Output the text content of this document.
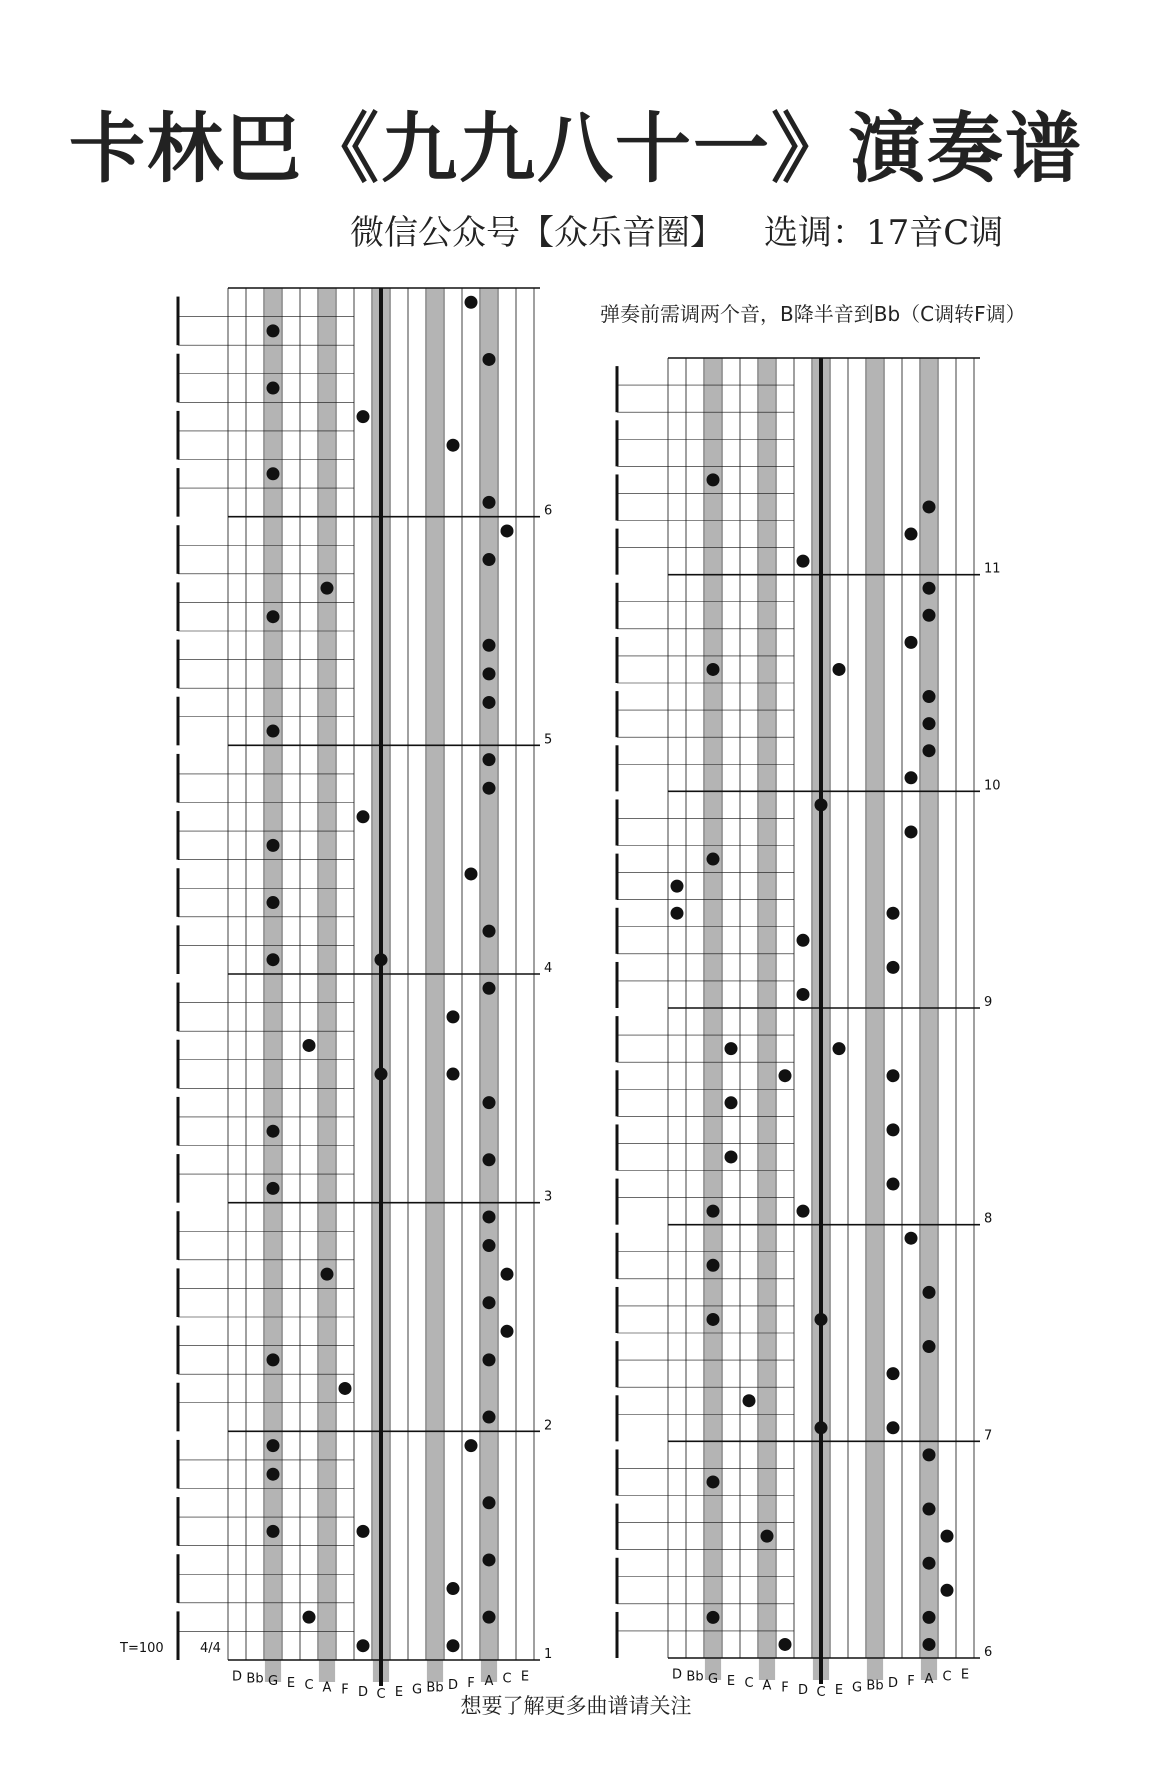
卡林巴《九九八十一》演奏谱
微信公众号【众乐音圈】 选调：17音C调
弹奏前需调两个音，B降半音到Bb（C调转F调）
T=100	4/4
想要了解更多曲谱请关注
1
2
3
4
5
6
D Bb G E C A F D C E G Bb D F A C E
6
7
8
9
10
11
D Bb G E C A F D C E G Bb D F A C E
